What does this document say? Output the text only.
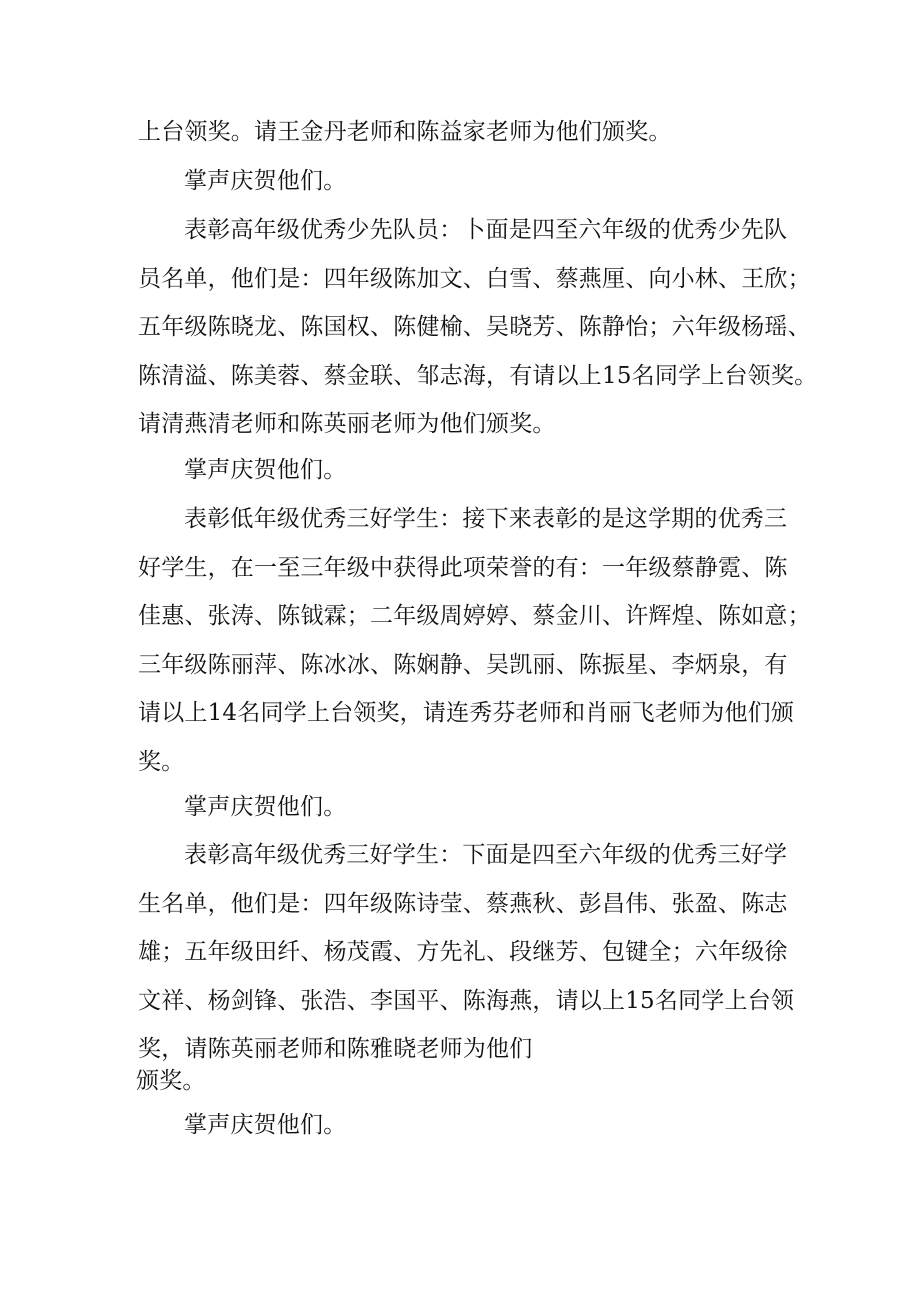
上台领奖。请王金丹老师和陈益家老师为他们颁奖。
掌声庆贺他们。
表彰高年级优秀少先队员：卜面是四至六年级的优秀少先队
员名单，他们是：四年级陈加文、白雪、蔡燕厘、向小林、王欣；
五年级陈晓龙、陈国权、陈健榆、吴晓芳、陈静怡；六年级杨瑶、
陈清溢、陈美蓉、蔡金联、邹志海，有请以上15名同学上台领奖。
请清燕清老师和陈英丽老师为他们颁奖。
掌声庆贺他们。
表彰低年级优秀三好学生：接下来表彰的是这学期的优秀三
好学生，在一至三年级中获得此项荣誉的有：一年级蔡静霓、陈
佳惠、张涛、陈钺霖；二年级周婷婷、蔡金川、许辉煌、陈如意；
三年级陈丽萍、陈冰冰、陈娴静、吴凯丽、陈振星、李炳泉，有
请以上14名同学上台领奖，请连秀芬老师和肖丽飞老师为他们颁
奖。
掌声庆贺他们。
表彰高年级优秀三好学生：下面是四至六年级的优秀三好学
生名单，他们是：四年级陈诗莹、蔡燕秋、彭昌伟、张盈、陈志
雄；五年级田纤、杨茂霞、方先礼、段继芳、包键全；六年级徐
文祥、杨剑锋、张浩、李国平、陈海燕，请以上15名同学上台领
奖，请陈英丽老师和陈雅晓老师为他们
颁奖。
掌声庆贺他们。
